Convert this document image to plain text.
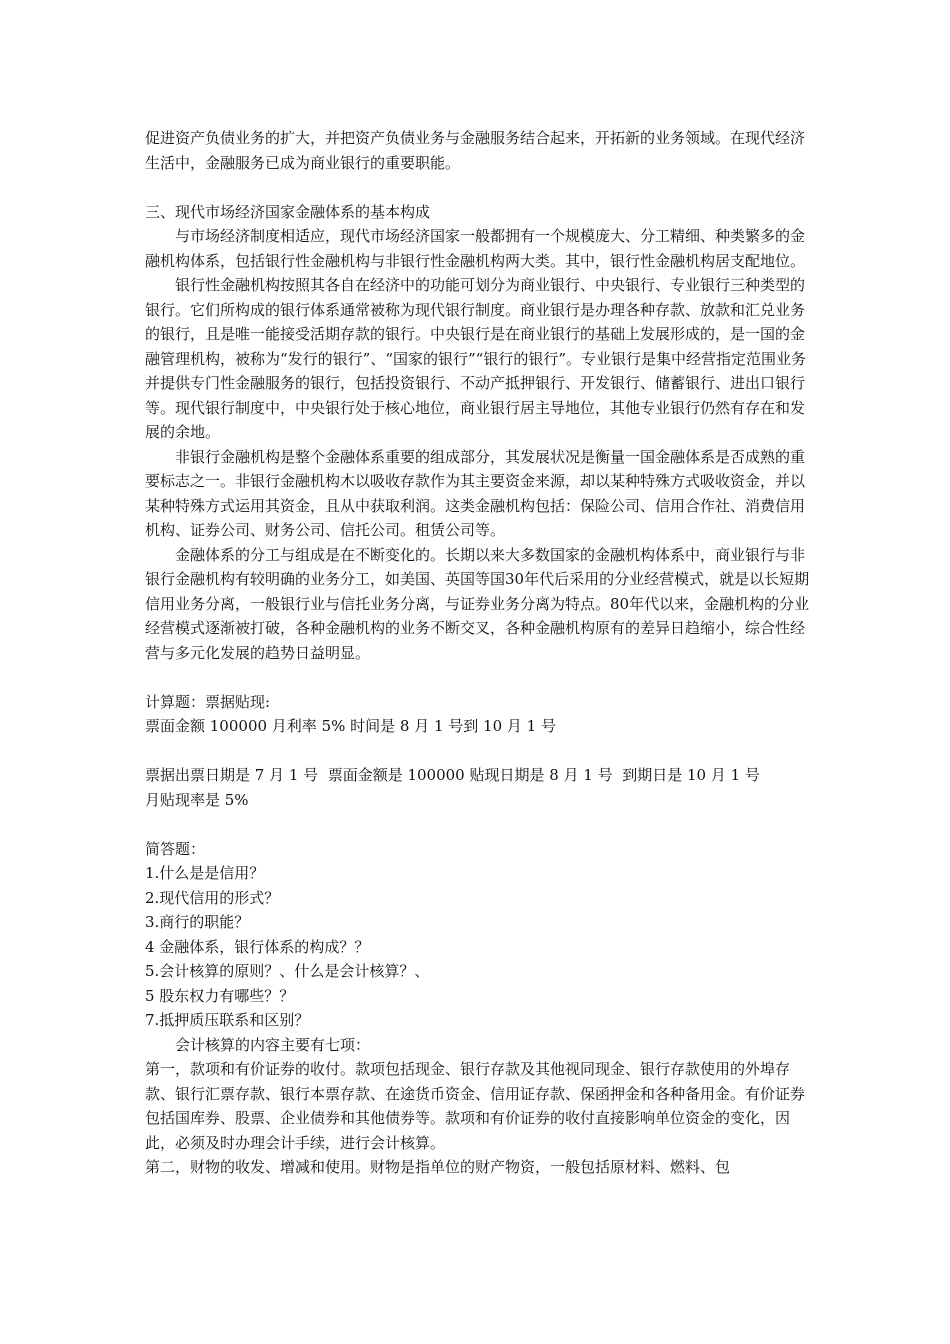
促进资产负债业务的扩大，并把资产负债业务与金融服务结合起来，开拓新的业务领域。在现代经济生活中，金融服务已成为商业银行的重要职能。

三、现代市场经济国家金融体系的基本构成

与市场经济制度相适应，现代市场经济国家一般都拥有一个规模庞大、分工精细、种类繁多的金融机构体系，包括银行性金融机构与非银行性金融机构两大类。其中，银行性金融机构居支配地位。

银行性金融机构按照其各自在经济中的功能可划分为商业银行、中央银行、专业银行三种类型的银行。它们所构成的银行体系通常被称为现代银行制度。商业银行是办理各种存款、放款和汇兑业务的银行，且是唯一能接受活期存款的银行。中央银行是在商业银行的基础上发展形成的，是一国的金融管理机构，被称为“发行的银行”、“国家的银行”“银行的银行”。专业银行是集中经营指定范围业务并提供专门性金融服务的银行，包括投资银行、不动产抵押银行、开发银行、储蓄银行、进出口银行等。现代银行制度中，中央银行处于核心地位，商业银行居主导地位，其他专业银行仍然有存在和发展的余地。

非银行金融机构是整个金融体系重要的组成部分，其发展状况是衡量一国金融体系是否成熟的重要标志之一。非银行金融机构木以吸收存款作为其主要资金来源，却以某种特殊方式吸收资金，并以某种特殊方式运用其资金，且从中获取利润。这类金融机构包括：保险公司、信用合作社、消费信用机构、证券公司、财务公司、信托公司。租赁公司等。

金融体系的分工与组成是在不断变化的。长期以来大多数国家的金融机构体系中，商业银行与非银行金融机构有较明确的业务分工，如美国、英国等国30年代后采用的分业经营模式，就是以长短期信用业务分离，一般银行业与信托业务分离，与证券业务分离为特点。80年代以来，金融机构的分业经营模式逐渐被打破，各种金融机构的业务不断交叉，各种金融机构原有的差异日趋缩小，综合性经营与多元化发展的趋势日益明显。

计算题：票据贴现:

票面金额 100000 月利率 5% 时间是 8 月 1 号到 10 月 1 号

票据出票日期是 7 月 1 号  票面金额是 100000 贴现日期是 8 月 1 号  到期日是 10 月 1 号

月贴现率是 5%

简答题：

1.什么是是信用？

2.现代信用的形式？

3.商行的职能？

4 金融体系，银行体系的构成？？

5.会计核算的原则？、什么是会计核算？、

5 股东权力有哪些？？

7.抵押质压联系和区别？

会计核算的内容主要有七项：

第一，款项和有价证券的收付。款项包括现金、银行存款及其他视同现金、银行存款使用的外埠存款、银行汇票存款、银行本票存款、在途货币资金、信用证存款、保函押金和各种备用金。有价证券包括国库券、股票、企业债券和其他债券等。款项和有价证券的收付直接影响单位资金的变化，因此，必须及时办理会计手续，进行会计核算。

第二，财物的收发、增减和使用。财物是指单位的财产物资，一般包括原材料、燃料、包
